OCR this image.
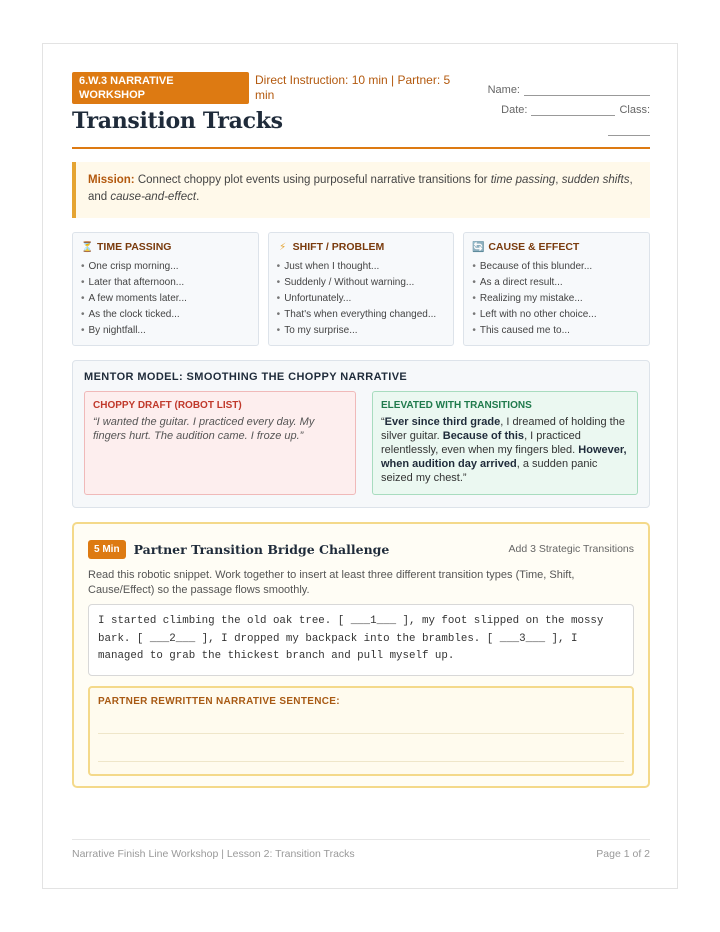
6.W.3 NARRATIVE WORKSHOP
Direct Instruction: 10 min | Partner: 5 min
Transition Tracks
Name:
Date:	Class:
Mission: Connect choppy plot events using purposeful narrative transitions for time passing, sudden shifts, and cause-and-effect.
⏳ TIME PASSING
• One crisp morning...
• Later that afternoon...
• A few moments later...
• As the clock ticked...
• By nightfall...
⚡ SHIFT / PROBLEM
• Just when I thought...
• Suddenly / Without warning...
• Unfortunately...
• That's when everything changed...
• To my surprise...
🔄 CAUSE & EFFECT
• Because of this blunder...
• As a direct result...
• Realizing my mistake...
• Left with no other choice...
• This caused me to...
MENTOR MODEL: SMOOTHING THE CHOPPY NARRATIVE
CHOPPY DRAFT (ROBOT LIST)
“I wanted the guitar. I practiced every day. My fingers hurt. The audition came. I froze up.”
ELEVATED WITH TRANSITIONS
“Ever since third grade, I dreamed of holding the silver guitar. Because of this, I practiced relentlessly, even when my fingers bled. However, when audition day arrived, a sudden panic seized my chest.”
5 Min	Partner Transition Bridge Challenge	Add 3 Strategic Transitions
Read this robotic snippet. Work together to insert at least three different transition types (Time, Shift, Cause/Effect) so the passage flows smoothly.
I started climbing the old oak tree. [ ___1___ ], my foot slipped on the mossy bark. [ ___2___ ], I dropped my backpack into the brambles. [ ___3___ ], I managed to grab the thickest branch and pull myself up.
PARTNER REWRITTEN NARRATIVE SENTENCE:
Narrative Finish Line Workshop | Lesson 2: Transition Tracks	Page 1 of 2
